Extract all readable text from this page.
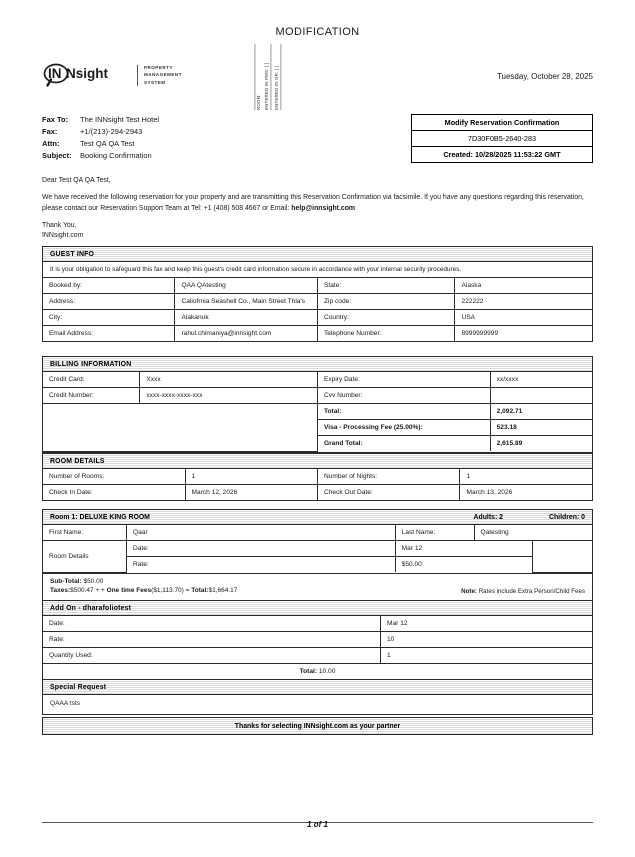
MODIFICATION
ROOM: ENTERED IN PMS: [ ]	ENTERED IN OR: [ ]
IN Nsight	PROPERTY
MANAGEMENT
SYSTEM
Tuesday, October 28, 2025
Fax To:	The INNsight Test Hotel
Fax:	+1/(213)-294-2943
Attn:	Test QA QA Test
Subject:	Booking Confirmation
Modify Reservation Confirmation
7D30F0B5-2640-283
Created: 10/28/2025 11:53:22 GMT

Dear Test QA QA Test,

We have received the following reservation for your property and are transmitting this Reservation Confirmation via facsimile. If you have any questions regarding this reservation, please contact our Reservation Support Team at Tel: +1 (408) 508 4667 or Email: help@innsight.com

Thank You,
INNsight.com

GUEST INFO
It is your obligation to safeguard this fax and keep this guest's credit card information secure in accordance with your internal security procedures.
Booked by:	QAA QAtesting	State:	Alaska
Address:	Caliofrnia Seashell Co., Main Street Thla's	Zip code:	222222
City:	Alakanuk	Country:	USA
Email Address:	rahul.chimaniya@innsight.com	Telephone Number:	8999999999
BILLING INFORMATION
Credit Card:	Xxxx	Expiry Date:	xx/xxxx
Credit Number:	xxxx-xxxx-xxxx-xxx	Cvv Number:	
		Total:	2,092.71
		Visa - Processing Fee (25.00%):	523.18
		Grand Total:	2,615.89
ROOM DETAILS
Number of Rooms:	1	Number of Nights:	1
Check In Date:	March 12, 2026	Check Out Date:	March 13, 2026
Room 1: DELUXE KING ROOM	Adults: 2	Children: 0
First Name:	Qaar	Last Name:	Qatesting	
Room Details	Date:	Mar 12		
	Rate:	$50.00		
Sub-Total: $50.00
Taxes:$500.47 + + One time Fees($1,113.70) = Total:$1,664.17	Note: Rates include Extra Person/Child Fees
Add On - dharafoliotest
Date:	Mar 12
Rate:	10
Quantity Used:	1
Total: 10.00	
Special Request
QAAA tsts
Thanks for selecting INNsight.com as your partner
1 of 1
